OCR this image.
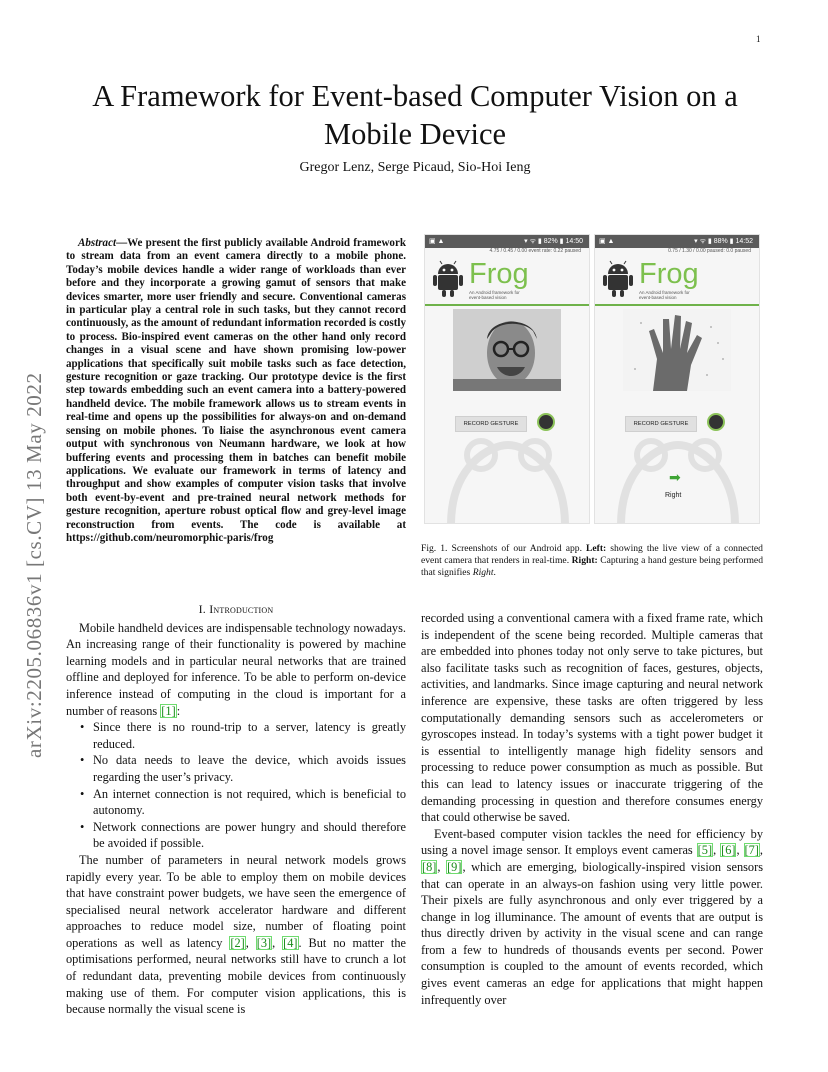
1
arXiv:2205.06836v1 [cs.CV] 13 May 2022
A Framework for Event-based Computer Vision on a Mobile Device
Gregor Lenz, Serge Picaud, Sio-Hoi Ieng

Abstract—We present the first publicly available Android framework to stream data from an event camera directly to a mobile phone. Today’s mobile devices handle a wider range of workloads than ever before and they incorporate a growing gamut of sensors that make devices smarter, more user friendly and secure. Conventional cameras in particular play a central role in such tasks, but they cannot record continuously, as the amount of redundant information recorded is costly to process. Bio-inspired event cameras on the other hand only record changes in a visual scene and have shown promising low-power applications that specifically suit mobile tasks such as face detection, gesture recognition or gaze tracking. Our prototype device is the first step towards embedding such an event camera into a battery-powered handheld device. The mobile framework allows us to stream events in real-time and opens up the possibilities for always-on and on-demand sensing on mobile phones. To liaise the asynchronous event camera output with synchronous von Neumann hardware, we look at how buffering events and processing them in batches can benefit mobile applications. We evaluate our framework in terms of latency and throughput and show examples of computer vision tasks that involve both event-by-event and pre-trained neural network methods for gesture recognition, aperture robust optical flow and grey-level image reconstruction from events. The code is available at https://github.com/neuromorphic-paris/frog

▣ ▲	▾ ᯤ ▮ 82% ▮ 14:50
4.75 / 0.45 / 0.00 event rate: 0.22 paused
Frog
An Android framework for event-based vision
RECORD GESTURE
▣ ▲	▾ ᯤ ▮ 88% ▮ 14:52
0.75 / 1.30 / 0.00 paused: 0.0 paused
Frog
An Android framework for event-based vision
RECORD GESTURE
➡
Right
Fig. 1. Screenshots of our Android app. Left: showing the live view of a connected event camera that renders in real-time. Right: Capturing a hand gesture being performed that signifies Right.

I. Introduction

Mobile handheld devices are indispensable technology nowadays. An increasing range of their functionality is powered by machine learning models and in particular neural networks that are trained offline and deployed for inference. To be able to perform on-device inference instead of computing in the cloud is important for a number of reasons [1]:

• Since there is no round-trip to a server, latency is greatly reduced.
• No data needs to leave the device, which avoids issues regarding the user’s privacy.
• An internet connection is not required, which is beneficial to autonomy.
• Network connections are power hungry and should therefore be avoided if possible.

The number of parameters in neural network models grows rapidly every year. To be able to employ them on mobile devices that have constraint power budgets, we have seen the emergence of specialised neural network accelerator hardware and different approaches to reduce model size, number of floating point operations as well as latency [2], [3], [4]. But no matter the optimisations performed, neural networks still have to crunch a lot of redundant data, preventing mobile devices from continuously making use of them. For computer vision applications, this is because normally the visual scene is

recorded using a conventional camera with a fixed frame rate, which is independent of the scene being recorded. Multiple cameras that are embedded into phones today not only serve to take pictures, but also facilitate tasks such as recognition of faces, gestures, objects, activities, and landmarks. Since image capturing and neural network inference are expensive, these tasks are often triggered by less computationally demanding sensors such as accelerometers or gyroscopes instead. In today’s systems with a tight power budget it is essential to intelligently manage high fidelity sensors and processing to reduce power consumption as much as possible. But this can lead to latency issues or inaccurate triggering of the demanding processing in question and therefore consumes energy that could otherwise be saved.

Event-based computer vision tackles the need for efficiency by using a novel image sensor. It employs event cameras [5], [6], [7], [8], [9], which are emerging, biologically-inspired vision sensors that can operate in an always-on fashion using very little power. Their pixels are fully asynchronous and only ever triggered by a change in log illuminance. The amount of events that are output is thus directly driven by activity in the visual scene and can range from a few to hundreds of thousands events per second. Power consumption is coupled to the amount of events recorded, which gives event cameras an edge for applications that might happen infrequently over
